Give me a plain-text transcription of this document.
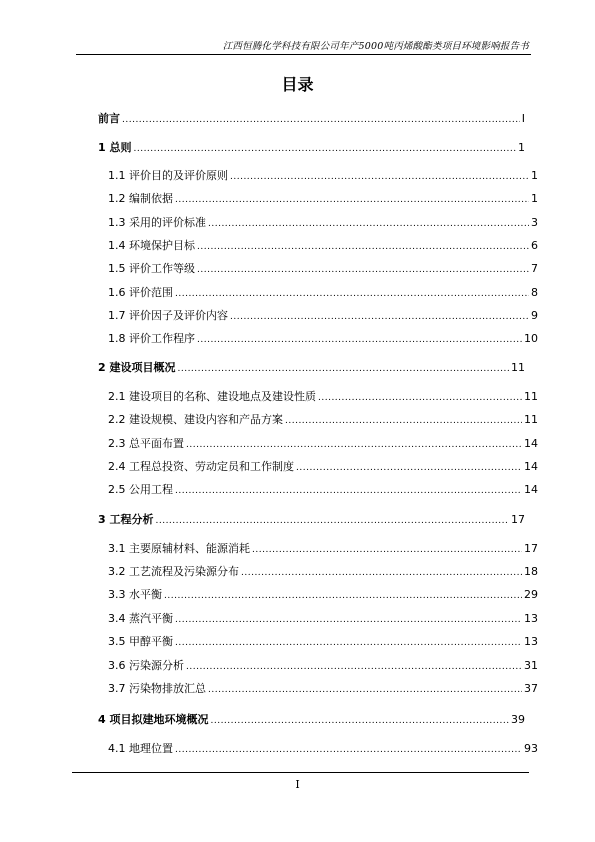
江西恒腾化学科技有限公司年产5000吨丙烯酸酯类项目环境影响报告书
目录
前言 .....	I
1 总则 .....	1
1.1 评价目的及评价原则 .....	1
1.2 编制依据 .....	1
1.3 采用的评价标准 .....	3
1.4 环境保护目标 .....	6
1.5 评价工作等级 .....	7
1.6 评价范围 .....	8
1.7 评价因子及评价内容 .....	9
1.8 评价工作程序 .....	10
2 建设项目概况 .....	11
2.1 建设项目的名称、建设地点及建设性质 .....	11
2.2 建设规模、建设内容和产品方案 .....	11
2.3 总平面布置 .....	14
2.4 工程总投资、劳动定员和工作制度 .....	14
2.5 公用工程 .....	14
3 工程分析 .....	17
3.1 主要原辅材料、能源消耗 .....	17
3.2 工艺流程及污染源分布 .....	18
3.3 水平衡 .....	29
3.4 蒸汽平衡 .....	13
3.5 甲醇平衡 .....	13
3.6 污染源分析 .....	31
3.7 污染物排放汇总 .....	37
4 项目拟建地环境概况 .....	39
4.1 地理位置 .....	93
I
